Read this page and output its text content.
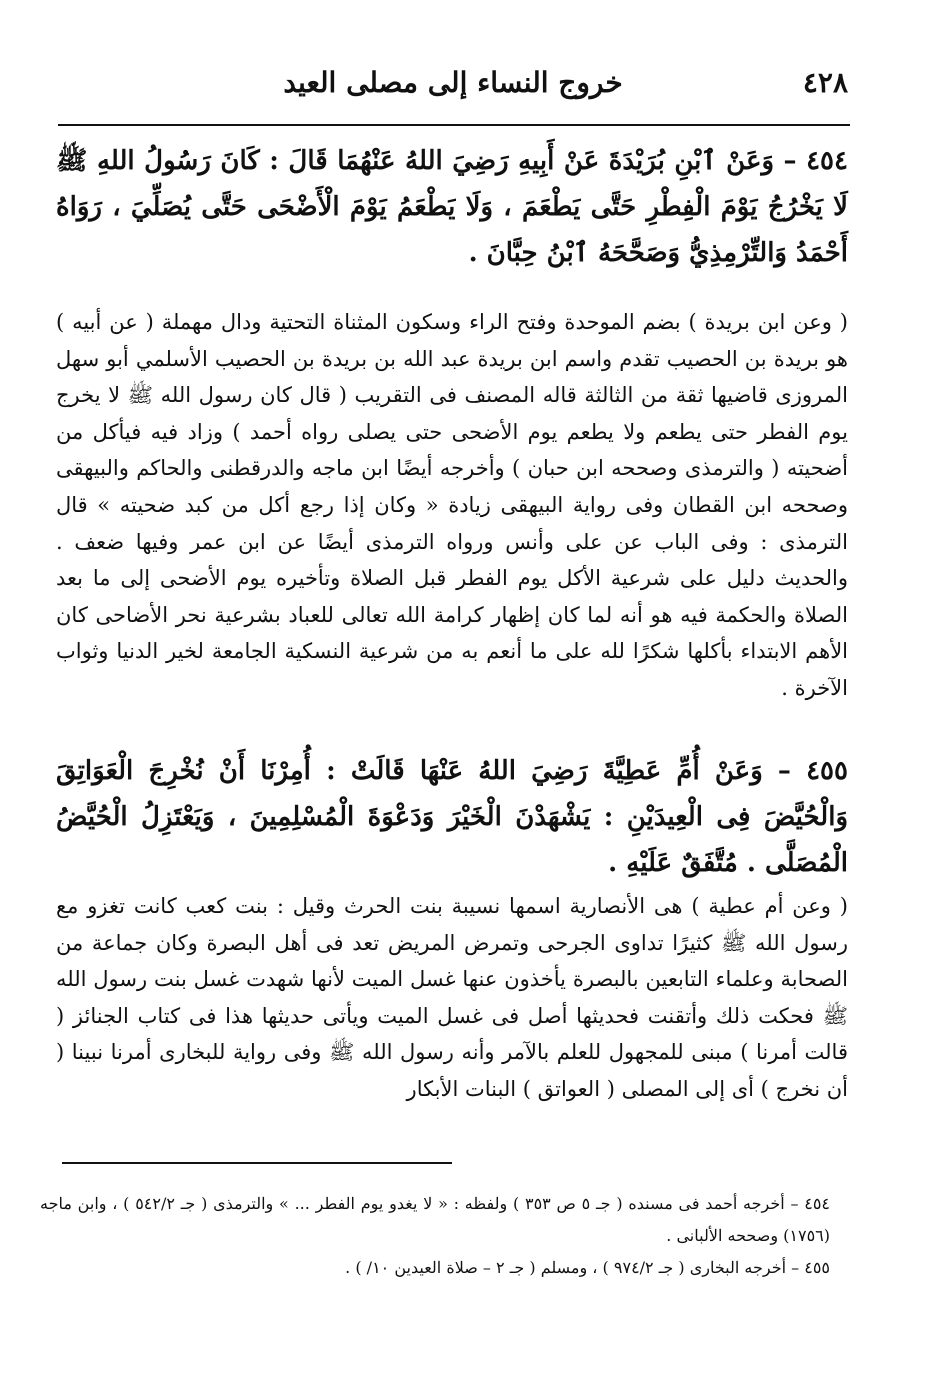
٤٢٨
خروج النساء إلى مصلى العيد
٤٥٤ – وَعَنْ ٱبْنِ بُرَيْدَةَ عَنْ أَبِيهِ رَضِيَ اللهُ عَنْهُمَا قَالَ : كَانَ رَسُولُ اللهِ ﷺ لَا يَخْرُجُ يَوْمَ الْفِطْرِ حَتَّى يَطْعَمَ ، وَلَا يَطْعَمُ يَوْمَ الْأَضْحَى حَتَّى يُصَلِّيَ ، رَوَاهُ أَحْمَدُ وَالتِّرْمِذِيُّ وَصَحَّحَهُ ٱبْنُ حِبَّانَ .
( وعن ابن بريدة ) بضم الموحدة وفتح الراء وسكون المثناة التحتية ودال مهملة ( عن أبيه ) هو بريدة بن الحصيب تقدم واسم ابن بريدة عبد الله بن بريدة بن الحصيب الأسلمي أبو سهل المروزى قاضيها ثقة من الثالثة قاله المصنف فى التقريب ( قال كان رسول الله ﷺ لا يخرج يوم الفطر حتى يطعم ولا يطعم يوم الأضحى حتى يصلى رواه أحمد ) وزاد فيه فيأكل من أضحيته ( والترمذى وصححه ابن حبان ) وأخرجه أيضًا ابن ماجه والدرقطنى والحاكم والبيهقى وصححه ابن القطان وفى رواية البيهقى زيادة « وكان إذا رجع أكل من كبد ضحيته » قال الترمذى : وفى الباب عن على وأنس ورواه الترمذى أيضًا عن ابن عمر وفيها ضعف . والحديث دليل على شرعية الأكل يوم الفطر قبل الصلاة وتأخيره يوم الأضحى إلى ما بعد الصلاة والحكمة فيه هو أنه لما كان إظهار كرامة الله تعالى للعباد بشرعية نحر الأضاحى كان الأهم الابتداء بأكلها شكرًا لله على ما أنعم به من شرعية النسكية الجامعة لخير الدنيا وثواب الآخرة .
٤٥٥ – وَعَنْ أُمِّ عَطِيَّةَ رَضِيَ اللهُ عَنْهَا قَالَتْ : أُمِرْنَا أَنْ نُخْرِجَ الْعَوَاتِقَ وَالْحُيَّضَ فِى الْعِيدَيْنِ : يَشْهَدْنَ الْخَيْرَ وَدَعْوَةَ الْمُسْلِمِينَ ، وَيَعْتَزِلُ الْحُيَّضُ الْمُصَلَّى . مُتَّفَقٌ عَلَيْهِ .
( وعن أم عطية ) هى الأنصارية اسمها نسيبة بنت الحرث وقيل : بنت كعب كانت تغزو مع رسول الله ﷺ كثيرًا تداوى الجرحى وتمرض المريض تعد فى أهل البصرة وكان جماعة من الصحابة وعلماء التابعين بالبصرة يأخذون عنها غسل الميت لأنها شهدت غسل بنت رسول الله ﷺ فحكت ذلك وأتقنت فحديثها أصل فى غسل الميت ويأتى حديثها هذا فى كتاب الجنائز ( قالت أمرنا ) مبنى للمجهول للعلم بالآمر وأنه رسول الله ﷺ وفى رواية للبخارى أمرنا نبينا ( أن نخرج ) أى إلى المصلى ( العواتق ) البنات الأبكار

٤٥٤ – أخرجه أحمد فى مسنده ( جـ ٥ ص ٣٥٣ ) ولفظه : « لا يغدو يوم الفطر ... » والترمذى ( جـ ٥٤٢/٢ ) ، وابن ماجه (١٧٥٦) وصححه الألبانى .

٤٥٥ – أخرجه البخارى ( جـ ٩٧٤/٢ ) ، ومسلم ( جـ ٢ – صلاة العيدين ١٠/ ) .
